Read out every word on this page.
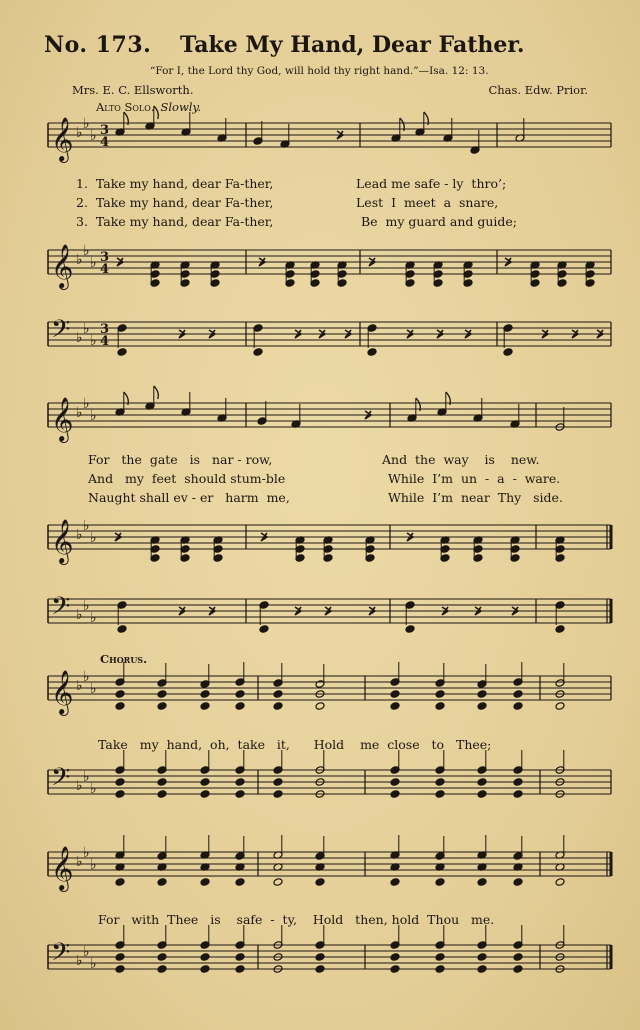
No. 173. Take My Hand, Dear Father.
“For I, the Lord thy God, will hold thy right hand.”—Isa. 12: 13.
Mrs. E. C. Ellsworth.	Chas. Edw. Prior.
Alto Solo. Slowly.
1.  Take my hand, dear Fa-ther,	Lead me safe - ly  thro’;
2.  Take my hand, dear Fa-ther,	Lest  I  meet  a  snare,
3.  Take my hand, dear Fa-ther,	Be  my guard and guide;
For   the  gate   is   nar - row,	And  the  way    is    new.
And   my  feet  should stum-ble	While  I’m  un  -  a  -  ware.
Naught shall ev - er   harm  me,	While  I’m  near  Thy   side.
Chorus.
Take   my  hand,  oh,  take   it,      Hold    me  close   to   Thee;
For   with  Thee   is    safe  -  ty,    Hold   then, hold  Thou   me.
𝄞 ♭
♭
♭ 3
4
𝄞 ♭
♭
♭ 3
4
𝄢 ♭
♭
♭
3
4
𝄞 ♭
♭
♭
𝄞 ♭
♭
♭
𝄢 ♭
♭
♭
𝄞 ♭
♭
♭
𝄢 ♭
♭
♭
𝄞 ♭
♭
♭
𝄢 ♭
♭
♭
